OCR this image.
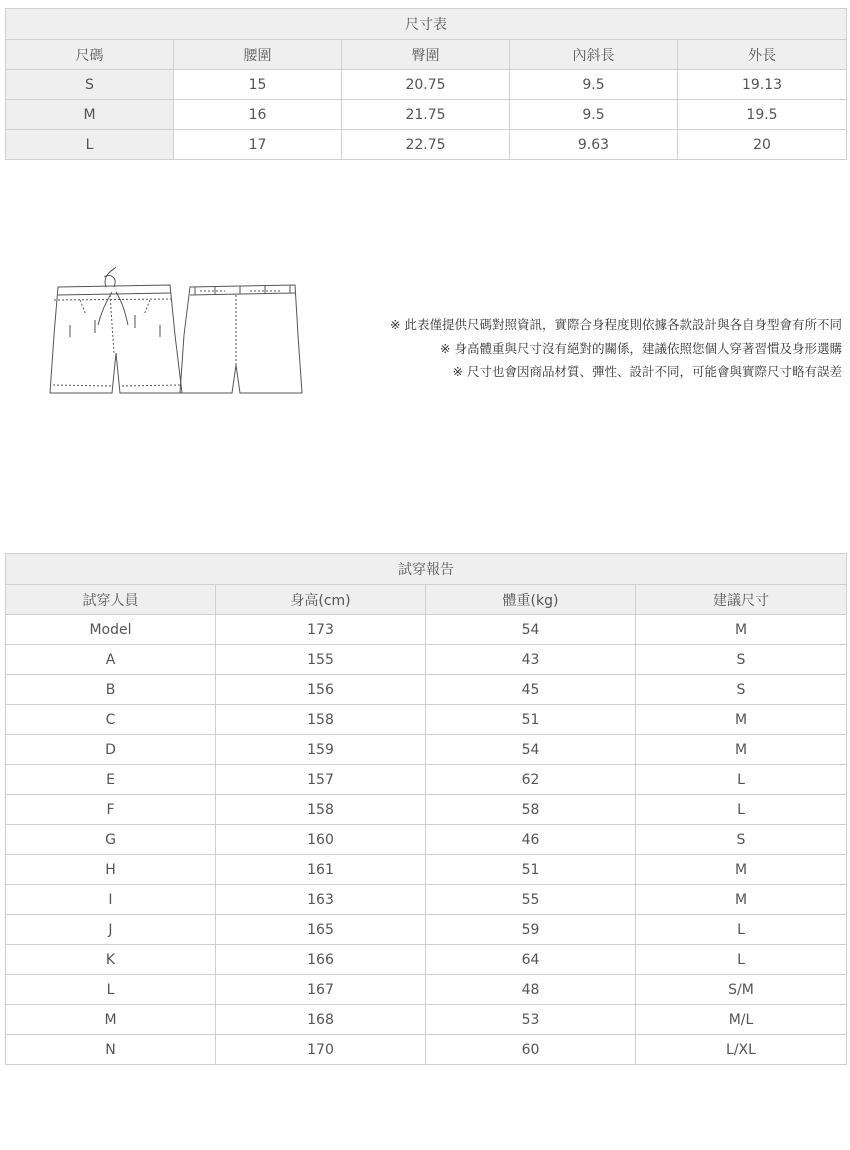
尺寸表				
尺碼	腰圍	臀圍	內斜長	外長
S	15	20.75	9.5	19.13
M	16	21.75	9.5	19.5
L	17	22.75	9.63	20
※ 此表僅提供尺碼對照資訊，實際合身程度則依據各款設計與各自身型會有所不同
※ 身高體重與尺寸沒有絕對的關係，建議依照您個人穿著習慣及身形選購
※ 尺寸也會因商品材質、彈性、設計不同，可能會與實際尺寸略有誤差
試穿報告			
試穿人員	身高(cm)	體重(kg)	建議尺寸
Model	173	54	M
A	155	43	S
B	156	45	S
C	158	51	M
D	159	54	M
E	157	62	L
F	158	58	L
G	160	46	S
H	161	51	M
I	163	55	M
J	165	59	L
K	166	64	L
L	167	48	S/M
M	168	53	M/L
N	170	60	L/XL
